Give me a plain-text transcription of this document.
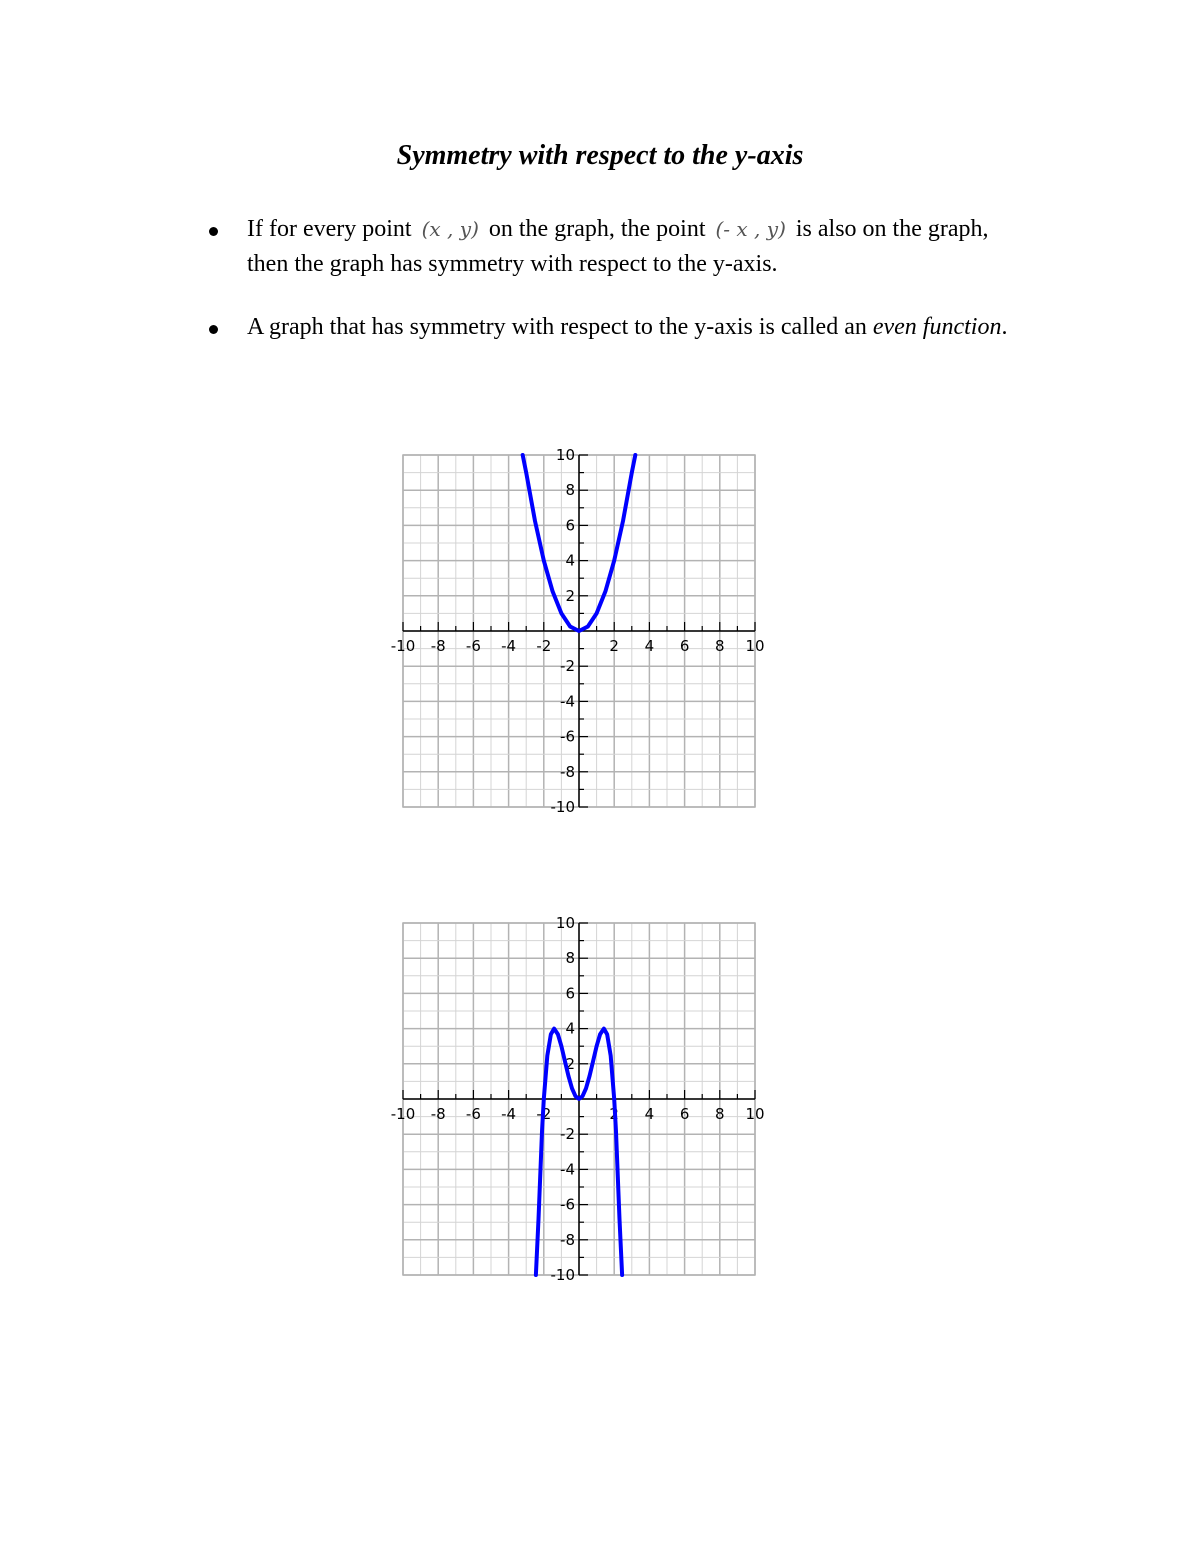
Symmetry with respect to the y-axis
If for every point (x , y) on the graph, the point (- x , y) is also on the graph, then the graph has symmetry with respect to the y-axis.
A graph that has symmetry with respect to the y-axis is called an even function.
-10 -8 -6 -4 -2	2 4 6 8 10
10
8
6
4
2
-2
-4
-6
-8
-10
-10 -8 -6 -4 -2	2 4 6 8 10
10
8
6
4
2
-2
-4
-6
-8
-10
